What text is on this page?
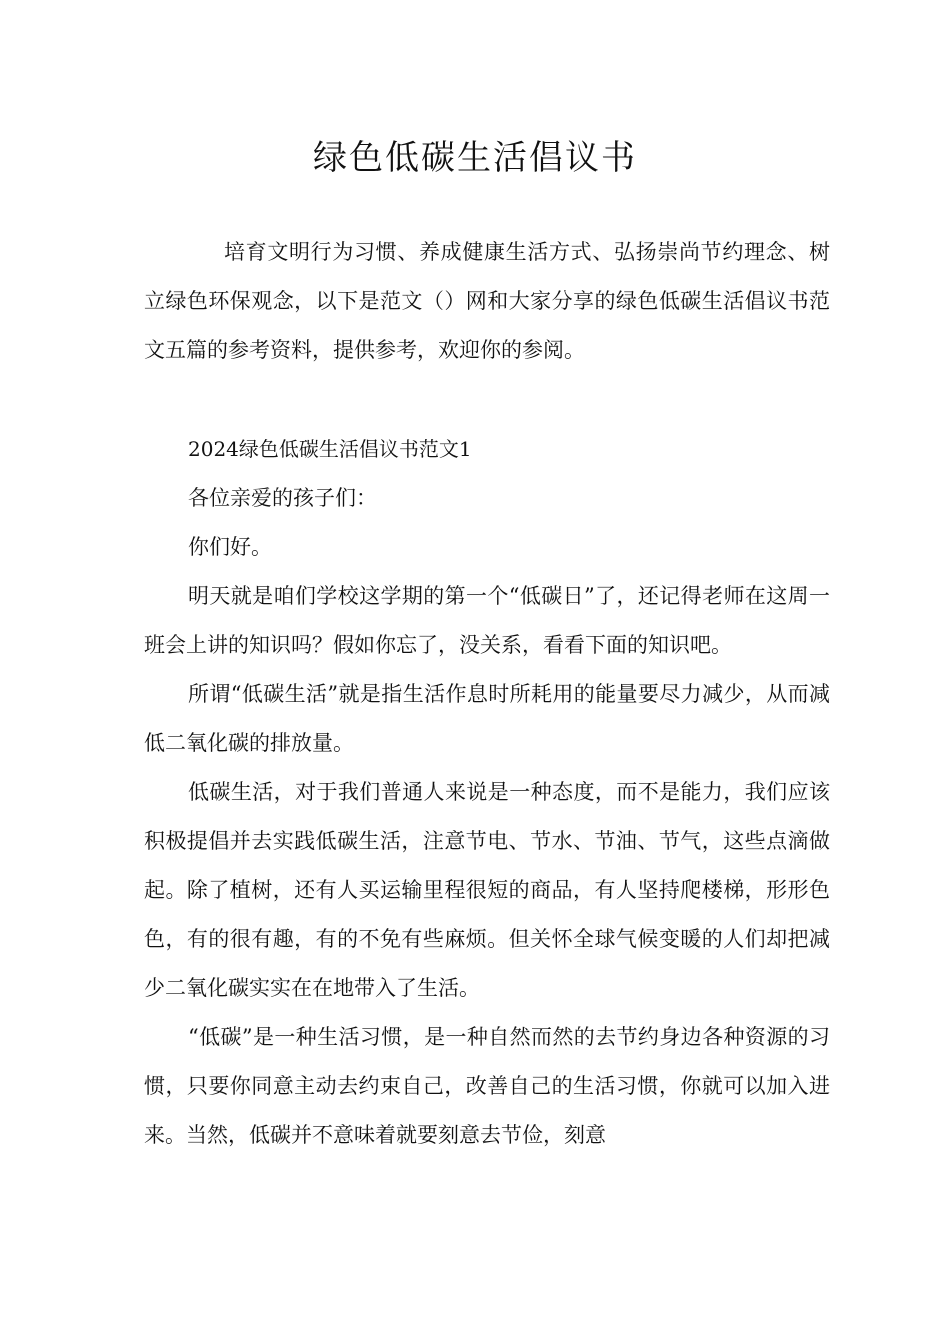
绿色低碳生活倡议书

培育文明行为习惯、养成健康生活方式、弘扬崇尚节约理念、树立绿色环保观念，以下是范文（）网和大家分享的绿色低碳生活倡议书范文五篇的参考资料，提供参考，欢迎你的参阅。

2024绿色低碳生活倡议书范文1

各位亲爱的孩子们：

你们好。

明天就是咱们学校这学期的第一个“低碳日”了，还记得老师在这周一班会上讲的知识吗？假如你忘了，没关系，看看下面的知识吧。

所谓“低碳生活”就是指生活作息时所耗用的能量要尽力减少，从而减低二氧化碳的排放量。

低碳生活，对于我们普通人来说是一种态度，而不是能力，我们应该积极提倡并去实践低碳生活，注意节电、节水、节油、节气，这些点滴做起。除了植树，还有人买运输里程很短的商品，有人坚持爬楼梯，形形色色，有的很有趣，有的不免有些麻烦。但关怀全球气候变暖的人们却把减少二氧化碳实实在在地带入了生活。

“低碳”是一种生活习惯，是一种自然而然的去节约身边各种资源的习惯，只要你同意主动去约束自己，改善自己的生活习惯，你就可以加入进来。当然，低碳并不意味着就要刻意去节俭，刻意
